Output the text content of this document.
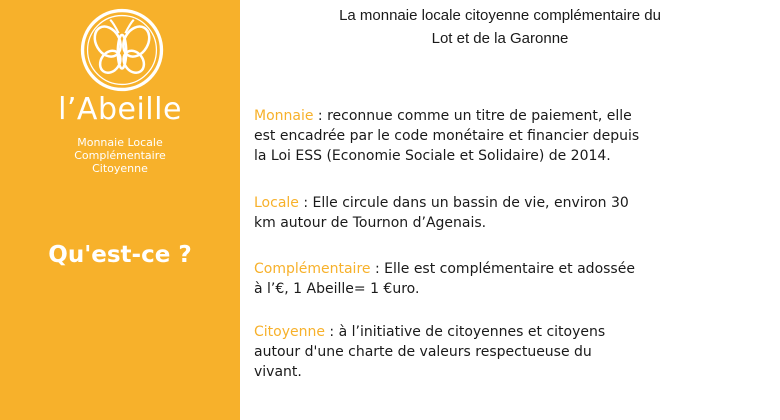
l’Abeille
Monnaie Locale
Complémentaire
Citoyenne
Qu'est-ce ?
La monnaie locale citoyenne complémentaire du
Lot et de la Garonne
Monnaie : reconnue comme un titre de paiement, elle
est encadrée par le code monétaire et financier depuis
la Loi ESS (Economie Sociale et Solidaire) de 2014.
Locale : Elle circule dans un bassin de vie, environ 30
km autour de Tournon d’Agenais.
Complémentaire : Elle est complémentaire et adossée
à l’€, 1 Abeille= 1 €uro.
Citoyenne : à l’initiative de citoyennes et citoyens
autour d'une charte de valeurs respectueuse du
vivant.
